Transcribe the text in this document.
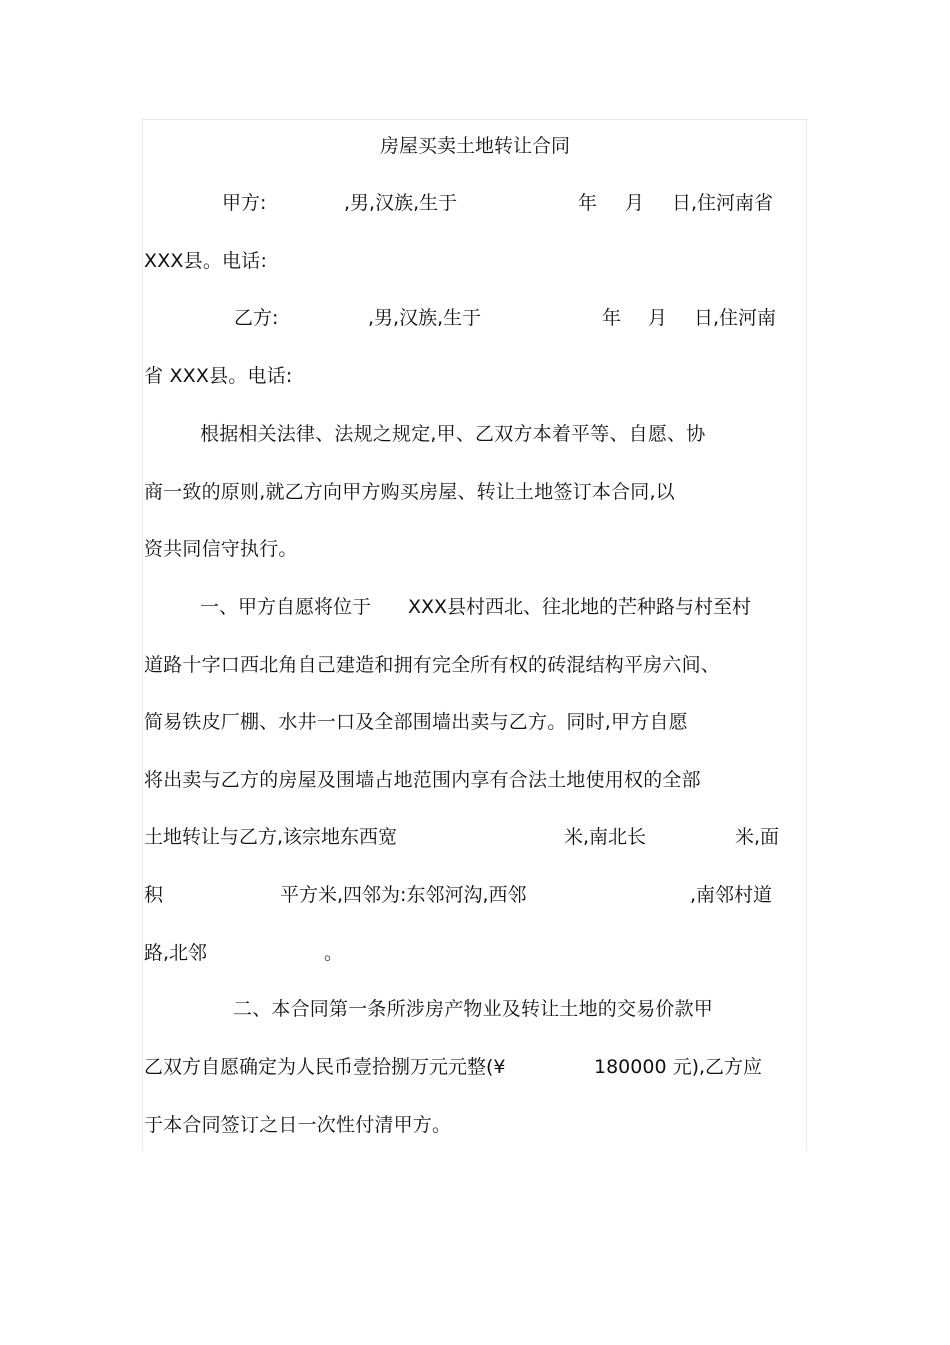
房屋买卖土地转让合同
甲方:	,男,汉族,生于	年 月 日,住河南省
XXX县。电话:
乙方:	,男,汉族,生于	年 月 日,住河南
省 XXX县。电话:
根据相关法律、法规之规定,甲、乙双方本着平等、自愿、协
商一致的原则,就乙方向甲方购买房屋、转让土地签订本合同,以
资共同信守执行。
一、甲方自愿将位于 XXX县村西北、往北地的芒种路与村至村
道路十字口西北角自己建造和拥有完全所有权的砖混结构平房六间、
简易铁皮厂棚、水井一口及全部围墙出卖与乙方。同时,甲方自愿
将出卖与乙方的房屋及围墙占地范围内享有合法土地使用权的全部
土地转让与乙方,该宗地东西宽	米,南北长	米,面
积	平方米,四邻为:东邻河沟,西邻	,南邻村道
路,北邻	。
二、本合同第一条所涉房产物业及转让土地的交易价款甲
乙双方自愿确定为人民币壹拾捌万元元整(¥	180000 元),乙方应
于本合同签订之日一次性付清甲方。
